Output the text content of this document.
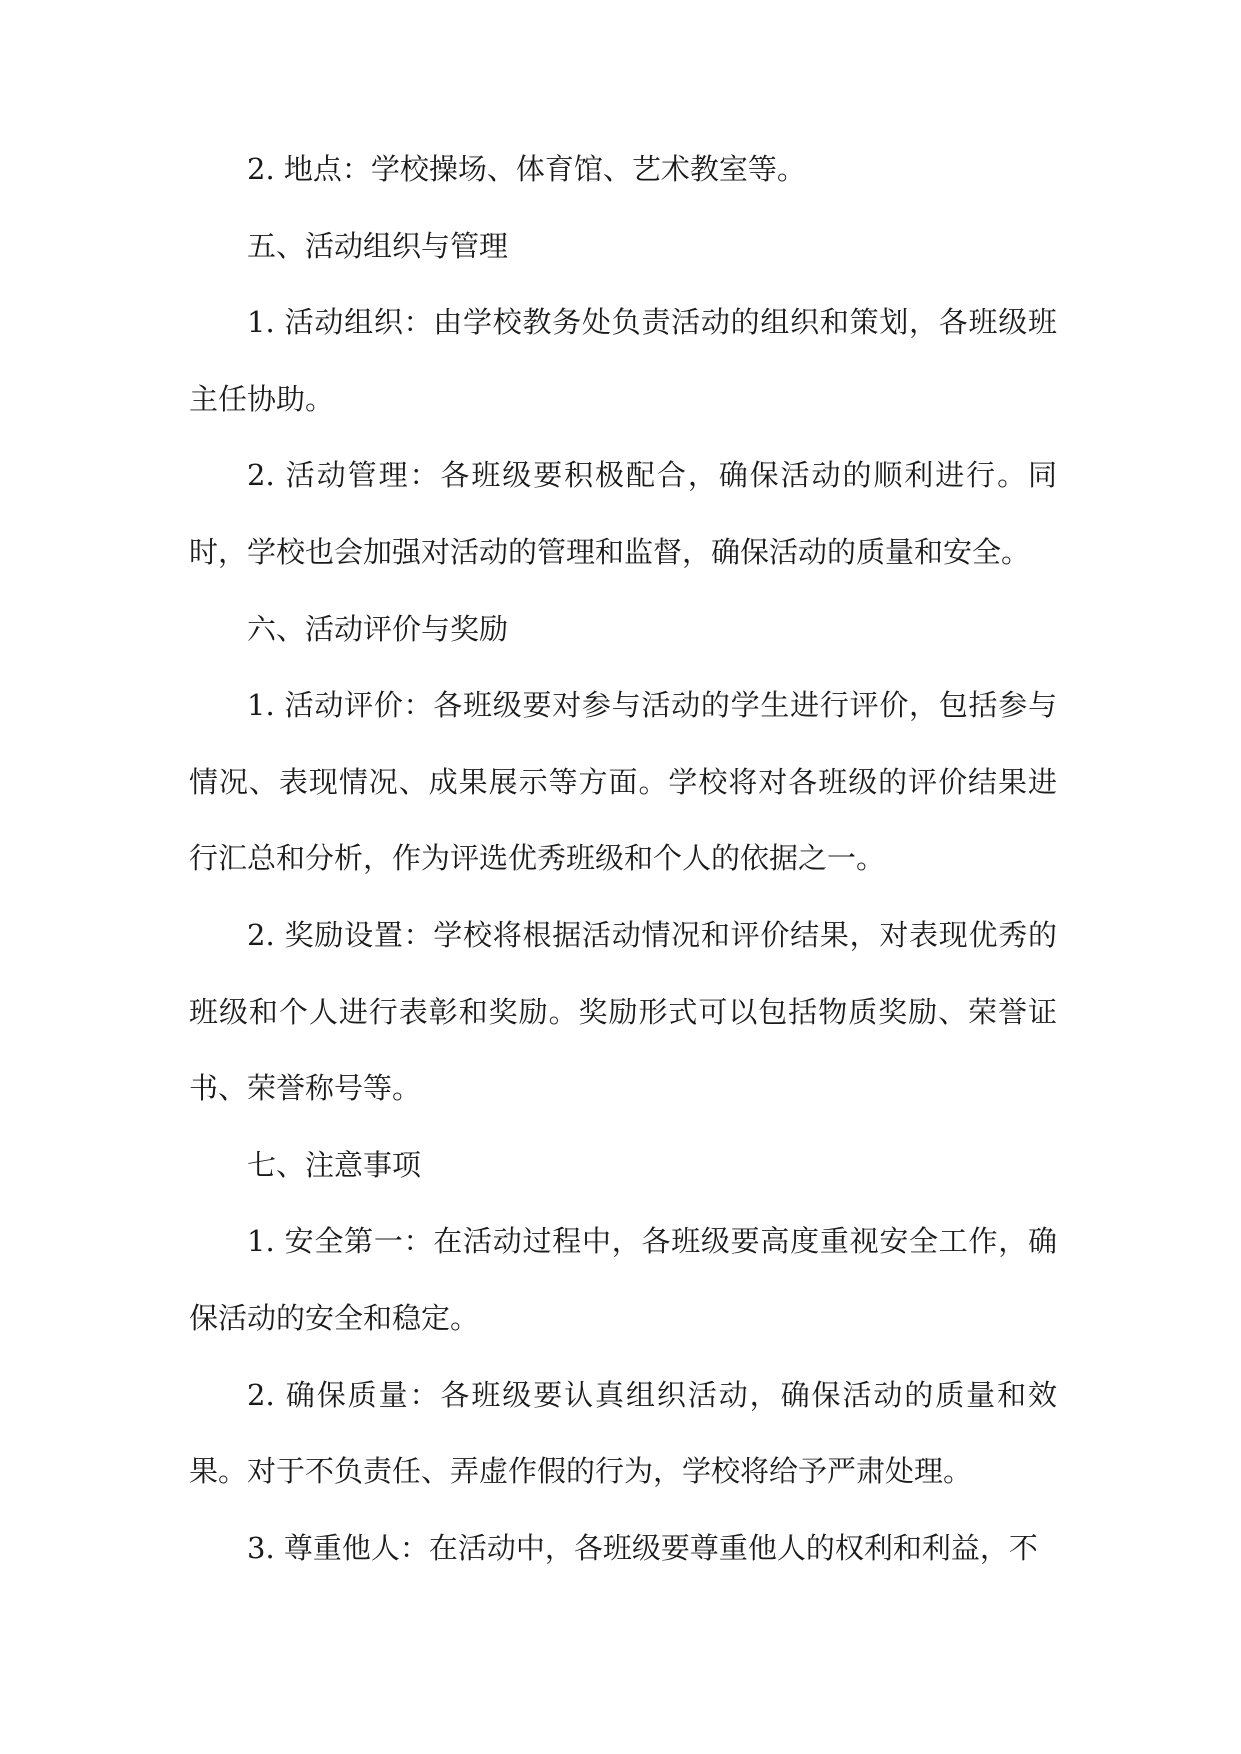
2. 地点：学校操场、体育馆、艺术教室等。

五、活动组织与管理

1. 活动组织：由学校教务处负责活动的组织和策划，各班级班主任协助。

2. 活动管理：各班级要积极配合，确保活动的顺利进行。同时，学校也会加强对活动的管理和监督，确保活动的质量和安全。

六、活动评价与奖励

1. 活动评价：各班级要对参与活动的学生进行评价，包括参与情况、表现情况、成果展示等方面。学校将对各班级的评价结果进行汇总和分析，作为评选优秀班级和个人的依据之一。

2. 奖励设置：学校将根据活动情况和评价结果，对表现优秀的班级和个人进行表彰和奖励。奖励形式可以包括物质奖励、荣誉证书、荣誉称号等。

七、注意事项

1. 安全第一：在活动过程中，各班级要高度重视安全工作，确保活动的安全和稳定。

2. 确保质量：各班级要认真组织活动，确保活动的质量和效果。对于不负责任、弄虚作假的行为，学校将给予严肃处理。

3. 尊重他人：在活动中，各班级要尊重他人的权利和利益，不
